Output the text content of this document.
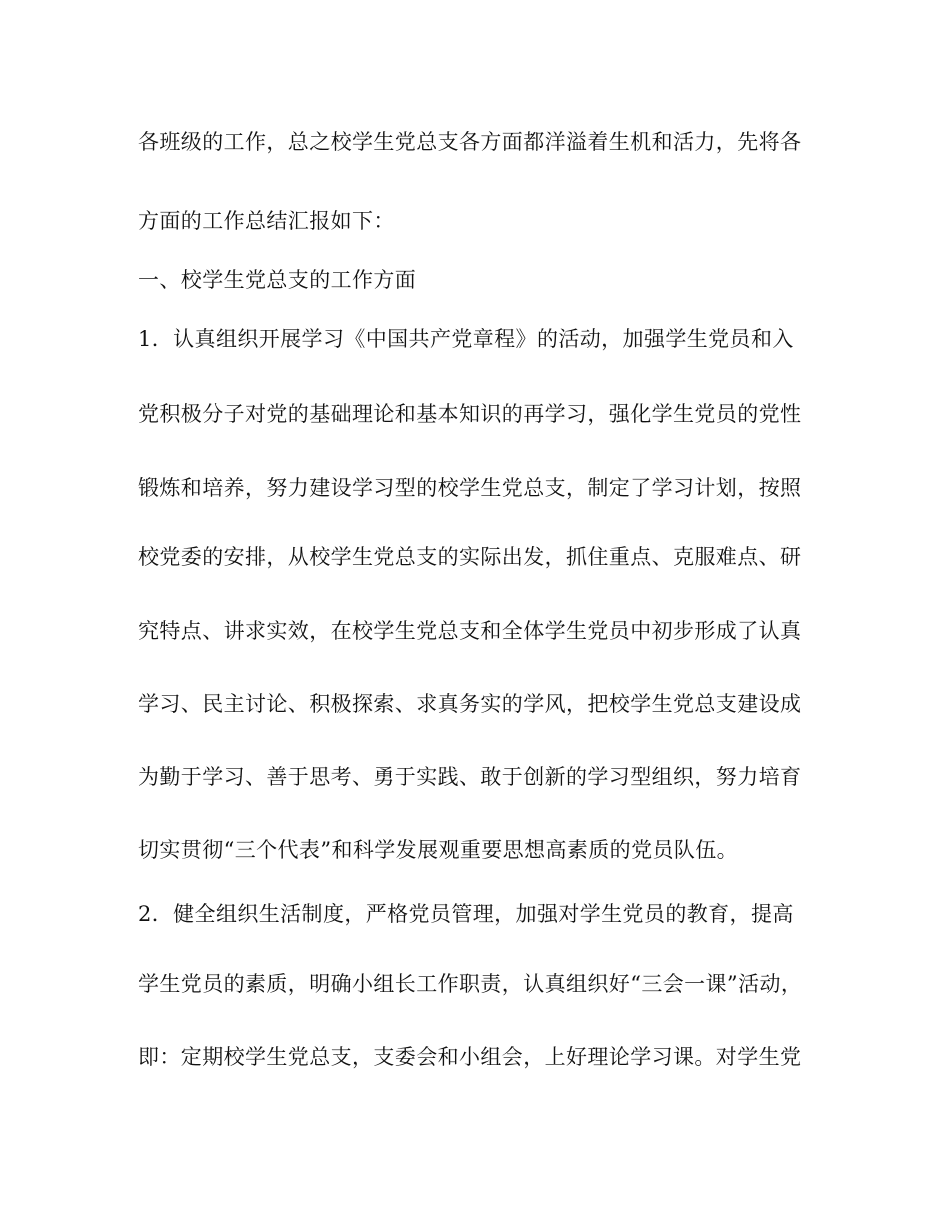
各班级的工作，总之校学生党总支各方面都洋溢着生机和活力，先将各

方面的工作总结汇报如下：

一、校学生党总支的工作方面

1．认真组织开展学习《中国共产党章程》的活动，加强学生党员和入

党积极分子对党的基础理论和基本知识的再学习，强化学生党员的党性

锻炼和培养，努力建设学习型的校学生党总支，制定了学习计划，按照

校党委的安排，从校学生党总支的实际出发，抓住重点、克服难点、研

究特点、讲求实效，在校学生党总支和全体学生党员中初步形成了认真

学习、民主讨论、积极探索、求真务实的学风，把校学生党总支建设成

为勤于学习、善于思考、勇于实践、敢于创新的学习型组织，努力培育

切实贯彻“三个代表”和科学发展观重要思想高素质的党员队伍。

2．健全组织生活制度，严格党员管理，加强对学生党员的教育，提高

学生党员的素质，明确小组长工作职责，认真组织好“三会一课”活动，

即：定期校学生党总支，支委会和小组会，上好理论学习课。对学生党
